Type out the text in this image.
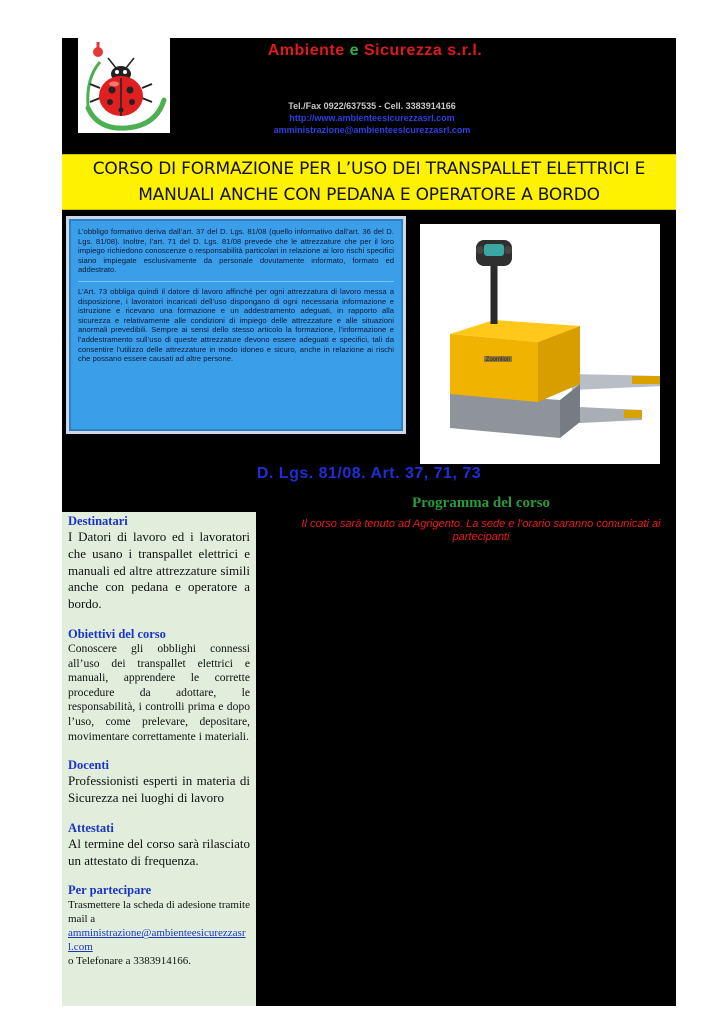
Ambiente e Sicurezza s.r.l.
Tel./Fax 0922/637535 - Cell. 3383914166
http://www.ambienteesicurezzasrl.com
amministrazione@ambienteesicurezzasrl.com
CORSO DI FORMAZIONE PER L’USO DEI TRANSPALLET ELETTRICI E
MANUALI ANCHE CON PEDANA E OPERATORE A BORDO

L’obbligo formativo deriva dall’art. 37 del D. Lgs. 81/08 (quello informativo dall’art. 36 del D. Lgs. 81/08). Inoltre, l’art. 71 del D. Lgs. 81/08 prevede che le attrezzature che per il loro impiego richiedono conoscenze o responsabilità particolari in relazione ai loro rischi specifici siano impiegate esclusivamente da personale dovutamente informato, formato ed addestrato.

L’Art. 73 obbliga quindi il datore di lavoro affinché per ogni attrezzatura di lavoro messa a disposizione, i lavoratori incaricati dell’uso dispongano di ogni necessaria informazione e istruzione e ricevano una formazione e un addestramento adeguati, in rapporto alla sicurezza e relativamente alle condizioni di impiego delle attrezzature e alle situazioni anormali prevedibili. Sempre ai sensi dello stesso articolo la formazione, l’informazione e l’addestramento sull’uso di queste attrezzature devono essere adeguati e specifici, tali da consentire l’utilizzo delle attrezzature in modo idoneo e sicuro, anche in relazione ai rischi che possano essere causati ad altre persone.	Zoomlion
D. Lgs. 81/08. Art. 37, 71, 73
Programma del corso
Il corso sarà tenuto ad Agrigento. La sede e l’orario saranno comunicati ai partecipanti
Destinatari

I Datori di lavoro ed i lavoratori che usano i transpallet elettrici e manuali ed altre attrezzature simili anche con pedana e operatore a bordo.

Obiettivi del corso

Conoscere gli obblighi connessi all’uso dei transpallet elettrici e manuali, apprendere le corrette procedure da adottare, le responsabilità, i controlli prima e dopo l’uso, come prelevare, depositare, movimentare correttamente i materiali.

Docenti

Professionisti esperti in materia di Sicurezza nei luoghi di lavoro

Attestati

Al termine del corso sarà rilasciato un attestato di frequenza.

Per partecipare

Trasmettere la scheda di adesione tramite mail a

amministrazione@ambienteesicurezzasrl.com

o Telefonare a 3383914166.
